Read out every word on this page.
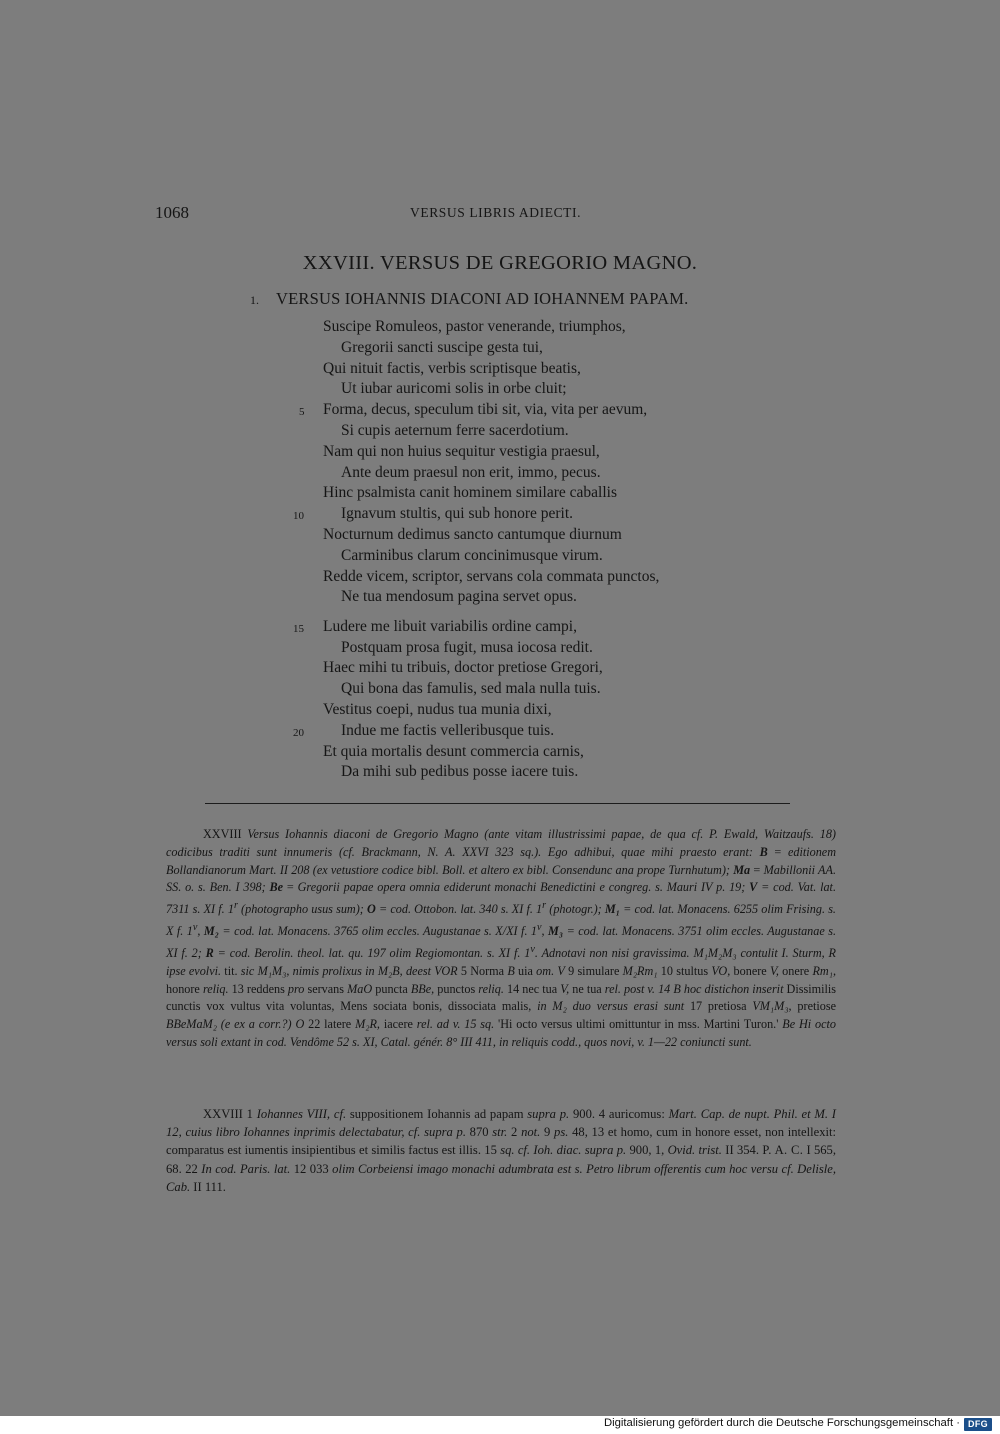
1068	VERSUS LIBRIS ADIECTI.
XXVIII. VERSUS DE GREGORIO MAGNO.
1. VERSUS IOHANNIS DIACONI AD IOHANNEM PAPAM.
Suscipe Romuleos, pastor venerande, triumphos,
Gregorii sancti suscipe gesta tui,
Qui nituit factis, verbis scriptisque beatis,
Ut iubar auricomi solis in orbe cluit;
5 Forma, decus, speculum tibi sit, via, vita per aevum,
Si cupis aeternum ferre sacerdotium.
Nam qui non huius sequitur vestigia praesul,
Ante deum praesul non erit, immo, pecus.
Hinc psalmista canit hominem similare caballis
10 Ignavum stultis, qui sub honore perit.
Nocturnum dedimus sancto cantumque diurnum
Carminibus clarum concinimusque virum.
Redde vicem, scriptor, servans cola commata punctos,
Ne tua mendosum pagina servet opus.
15 Ludere me libuit variabilis ordine campi,
Postquam prosa fugit, musa iocosa redit.
Haec mihi tu tribuis, doctor pretiose Gregori,
Qui bona das famulis, sed mala nulla tuis.
Vestitus coepi, nudus tua munia dixi,
20 Indue me factis velleribusque tuis.
Et quia mortalis desunt commercia carnis,
Da mihi sub pedibus posse iacere tuis.

XXVIII Versus Iohannis diaconi de Gregorio Magno (ante vitam illustrissimi papae, de qua cf. P. Ewald, Waitzaufs. 18) codicibus traditi sunt innumeris (cf. Brackmann, N. A. XXVI 323 sq.). Ego adhibui, quae mihi praesto erant: B = editionem Bollandianorum Mart. II 208 (ex vetustiore codice bibl. Boll. et altero ex bibl. Consendunc ana prope Turnhutum); Ma = Mabillonii AA. SS. o. s. Ben. I 398; Be = Gregorii papae opera omnia ediderunt monachi Benedictini e congreg. s. Mauri IV p. 19; V = cod. Vat. lat. 7311 s. XI f. 1$^r$ (photographo usus sum); O = cod. Ottobon. lat. 340 s. XI f. 1$^r$ (photogr.); M₁ = cod. lat. Monacens. 6255 olim Frising. s. X f. 1$^v$, M₂ = cod. lat. Monacens. 3765 olim eccles. Augustanae s. X/XI f. 1$^v$, M₃ = cod. lat. Monacens. 3751 olim eccles. Augustanae s. XI f. 2; R = cod. Berolin. theol. lat. qu. 197 olim Regiomontan. s. XI f. 1$^v$. Adnotavi non nisi gravissima. M₁M₂M₃ contulit I. Sturm, R ipse evolvi. tit. sic M₁M₃, nimis prolixus in M₂B, deest VOR 5 Norma B uia om. V 9 simulare M₂Rm₁ 10 stultus VO, bonere V, onere Rm₁, honore reliq. 13 reddens pro servans MaO puncta BBe, punctos reliq. 14 nec tua V, ne tua rel. post v. 14 B hoc distichon inserit Dissimilis cunctis vox vultus vita voluntas, Mens sociata bonis, dissociata malis, in M₂ duo versus erasi sunt 17 pretiosa VM₁M₃, pretiose BBeMaM₂ (e ex a corr.?) O 22 latere M₂R, iacere rel. ad v. 15 sq. 'Hi octo versus ultimi omittuntur in mss. Martini Turon.' Be Hi octo versus soli extant in cod. Vendôme 52 s. XI, Catal. génér. 8° III 411, in reliquis codd., quos novi, v. 1—22 coniuncti sunt.

XXVIII 1 Iohannes VIII, cf. suppositionem Iohannis ad papam supra p. 900. 4 auricomus: Mart. Cap. de nupt. Phil. et M. I 12, cuius libro Iohannes inprimis delectabatur, cf. supra p. 870 str. 2 not. 9 ps. 48, 13 et homo, cum in honore esset, non intellexit: comparatus est iumentis insipientibus et similis factus est illis. 15 sq. cf. Ioh. diac. supra p. 900, 1, Ovid. trist. II 354. P. A. C. I 565, 68. 22 In cod. Paris. lat. 12 033 olim Corbeiensi imago monachi adumbrata est s. Petro librum offerentis cum hoc versu cf. Delisle, Cab. II 111.

Digitalisierung gefördert durch die Deutsche Forschungsgemeinschaft · DFG
